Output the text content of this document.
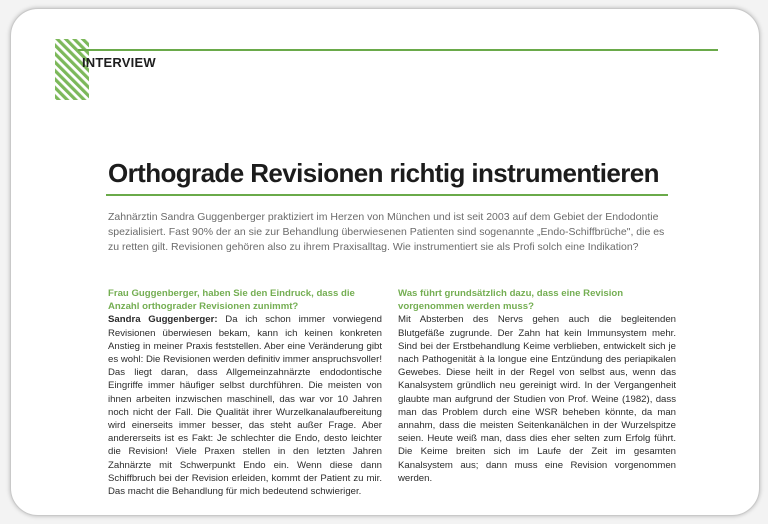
INTERVIEW
Orthograde Revisionen richtig instrumentieren

Zahnärztin Sandra Guggenberger praktiziert im Herzen von München und ist seit 2003 auf dem Gebiet der Endodontie spezialisiert. Fast 90% der an sie zur Behandlung überwiesenen Patienten sind sogenannte „Endo-Schiffbrüche", die es zu retten gilt. Revisionen gehören also zu ihrem Praxisalltag. Wie instrumentiert sie als Profi solch eine Indikation?

Frau Guggenberger, haben Sie den Eindruck, dass die Anzahl orthograder Revisionen zunimmt?

Sandra Guggenberger: Da ich schon immer vorwiegend Revisionen überwiesen bekam, kann ich keinen konkreten Anstieg in meiner Praxis feststellen. Aber eine Veränderung gibt es wohl: Die Revisionen werden definitiv immer anspruchsvoller! Das liegt daran, dass Allgemeinzahnärzte endodontische Eingriffe immer häufiger selbst durchführen. Die meisten von ihnen arbeiten inzwischen maschinell, das war vor 10 Jahren noch nicht der Fall. Die Qualität ihrer Wurzelkanalaufbereitung wird einerseits immer besser, das steht außer Frage. Aber andererseits ist es Fakt: Je schlechter die Endo, desto leichter die Revision! Viele Praxen stellen in den letzten Jahren Zahnärzte mit Schwerpunkt Endo ein. Wenn diese dann Schiffbruch bei der Revision erleiden, kommt der Patient zu mir. Das macht die Behandlung für mich bedeutend schwieriger.

Was führt grundsätzlich dazu, dass eine Revision vorgenommen werden muss?

Mit Absterben des Nervs gehen auch die begleitenden Blutgefäße zugrunde. Der Zahn hat kein Immunsystem mehr. Sind bei der Erstbehandlung Keime verblieben, entwickelt sich je nach Pathogenität à la longue eine Entzündung des periapikalen Gewebes. Diese heilt in der Regel von selbst aus, wenn das Kanalsystem gründlich neu gereinigt wird. In der Vergangenheit glaubte man aufgrund der Studien von Prof. Weine (1982), dass man das Problem durch eine WSR beheben könnte, da man annahm, dass die meisten Seitenkanälchen in der Wurzelspitze seien. Heute weiß man, dass dies eher selten zum Erfolg führt. Die Keime breiten sich im Laufe der Zeit im gesamten Kanalsystem aus; dann muss eine Revision vorgenommen werden.
